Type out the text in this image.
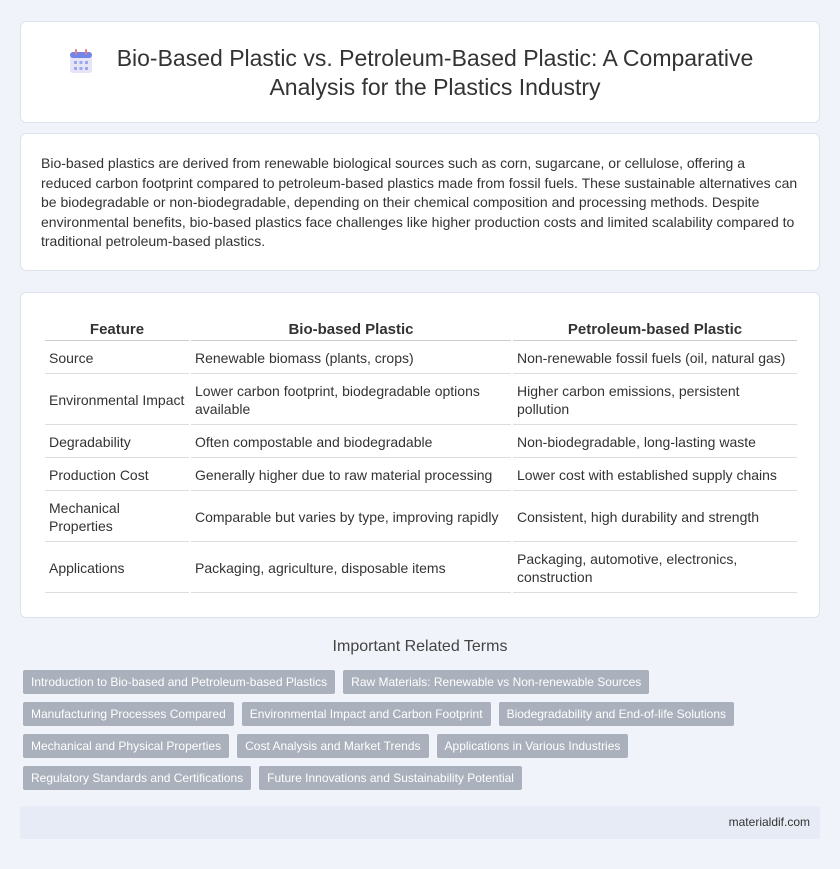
Bio-Based Plastic vs. Petroleum-Based Plastic: A Comparative Analysis for the Plastics Industry

Bio-based plastics are derived from renewable biological sources such as corn, sugarcane, or cellulose, offering a reduced carbon footprint compared to petroleum-based plastics made from fossil fuels. These sustainable alternatives can be biodegradable or non-biodegradable, depending on their chemical composition and processing methods. Despite environmental benefits, bio-based plastics face challenges like higher production costs and limited scalability compared to traditional petroleum-based plastics.

Feature	Bio-based Plastic	Petroleum-based Plastic
Source	Renewable biomass (plants, crops)	Non-renewable fossil fuels (oil, natural gas)
Environmental Impact	Lower carbon footprint, biodegradable options available	Higher carbon emissions, persistent pollution
Degradability	Often compostable and biodegradable	Non-biodegradable, long-lasting waste
Production Cost	Generally higher due to raw material processing	Lower cost with established supply chains
Mechanical Properties	Comparable but varies by type, improving rapidly	Consistent, high durability and strength
Applications	Packaging, agriculture, disposable items	Packaging, automotive, electronics, construction
Important Related Terms
Introduction to Bio-based and Petroleum-based Plastics	Raw Materials: Renewable vs Non-renewable Sources
Manufacturing Processes Compared	Environmental Impact and Carbon Footprint	Biodegradability and End-of-life Solutions
Mechanical and Physical Properties	Cost Analysis and Market Trends	Applications in Various Industries
Regulatory Standards and Certifications	Future Innovations and Sustainability Potential
materialdif.com
